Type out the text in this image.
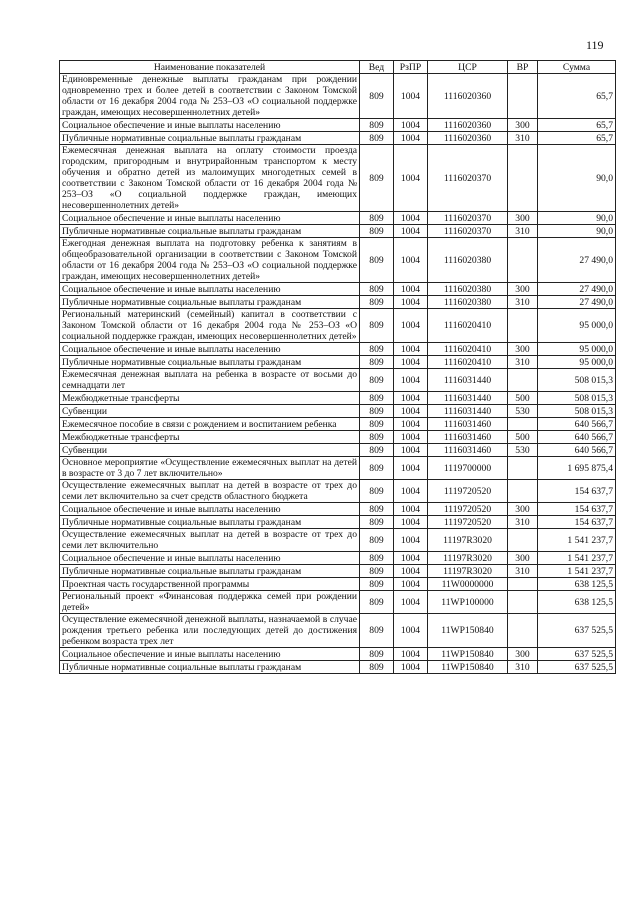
119
Наименование показателей	Вед	РзПР	ЦСР	ВР	Сумма
Единовременные денежные выплаты гражданам при рождении одновременно трех и более детей в соответствии с Законом Томской области от 16 декабря 2004 года № 253–ОЗ «О социальной поддержке граждан, имеющих несовершеннолетних детей»	809	1004	1116020360		65,7
Социальное обеспечение и иные выплаты населению	809	1004	1116020360	300	65,7
Публичные нормативные социальные выплаты гражданам	809	1004	1116020360	310	65,7
Ежемесячная денежная выплата на оплату стоимости проезда городским, пригородным и внутрирайонным транспортом к месту обучения и обратно детей из малоимущих многодетных семей в соответствии с Законом Томской области от 16 декабря 2004 года № 253–ОЗ «О социальной поддержке граждан, имеющих несовершеннолетних детей»	809	1004	1116020370		90,0
Социальное обеспечение и иные выплаты населению	809	1004	1116020370	300	90,0
Публичные нормативные социальные выплаты гражданам	809	1004	1116020370	310	90,0
Ежегодная денежная выплата на подготовку ребенка к занятиям в общеобразовательной организации в соответствии с Законом Томской области от 16 декабря 2004 года № 253–ОЗ «О социальной поддержке граждан, имеющих несовершеннолетних детей»	809	1004	1116020380		27 490,0
Социальное обеспечение и иные выплаты населению	809	1004	1116020380	300	27 490,0
Публичные нормативные социальные выплаты гражданам	809	1004	1116020380	310	27 490,0
Региональный материнский (семейный) капитал в соответствии с Законом Томской области от 16 декабря 2004 года № 253–ОЗ «О социальной поддержке граждан, имеющих несовершеннолетних детей»	809	1004	1116020410		95 000,0
Социальное обеспечение и иные выплаты населению	809	1004	1116020410	300	95 000,0
Публичные нормативные социальные выплаты гражданам	809	1004	1116020410	310	95 000,0
Ежемесячная денежная выплата на ребенка в возрасте от восьми до семнадцати лет	809	1004	1116031440		508 015,3
Межбюджетные трансферты	809	1004	1116031440	500	508 015,3
Субвенции	809	1004	1116031440	530	508 015,3
Ежемесячное пособие в связи с рождением и воспитанием ребенка	809	1004	1116031460		640 566,7
Межбюджетные трансферты	809	1004	1116031460	500	640 566,7
Субвенции	809	1004	1116031460	530	640 566,7
Основное мероприятие «Осуществление ежемесячных выплат на детей в возрасте от 3 до 7 лет включительно»	809	1004	1119700000		1 695 875,4
Осуществление ежемесячных выплат на детей в возрасте от трех до семи лет включительно за счет средств областного бюджета	809	1004	1119720520		154 637,7
Социальное обеспечение и иные выплаты населению	809	1004	1119720520	300	154 637,7
Публичные нормативные социальные выплаты гражданам	809	1004	1119720520	310	154 637,7
Осуществление ежемесячных выплат на детей в возрасте от трех до семи лет включительно	809	1004	11197R3020		1 541 237,7
Социальное обеспечение и иные выплаты населению	809	1004	11197R3020	300	1 541 237,7
Публичные нормативные социальные выплаты гражданам	809	1004	11197R3020	310	1 541 237,7
Проектная часть государственной программы	809	1004	11W0000000		638 125,5
Региональный проект «Финансовая поддержка семей при рождении детей»	809	1004	11WP100000		638 125,5
Осуществление ежемесячной денежной выплаты, назначаемой в случае рождения третьего ребенка или последующих детей до достижения ребенком возраста трех лет	809	1004	11WP150840		637 525,5
Социальное обеспечение и иные выплаты населению	809	1004	11WP150840	300	637 525,5
Публичные нормативные социальные выплаты гражданам	809	1004	11WP150840	310	637 525,5
